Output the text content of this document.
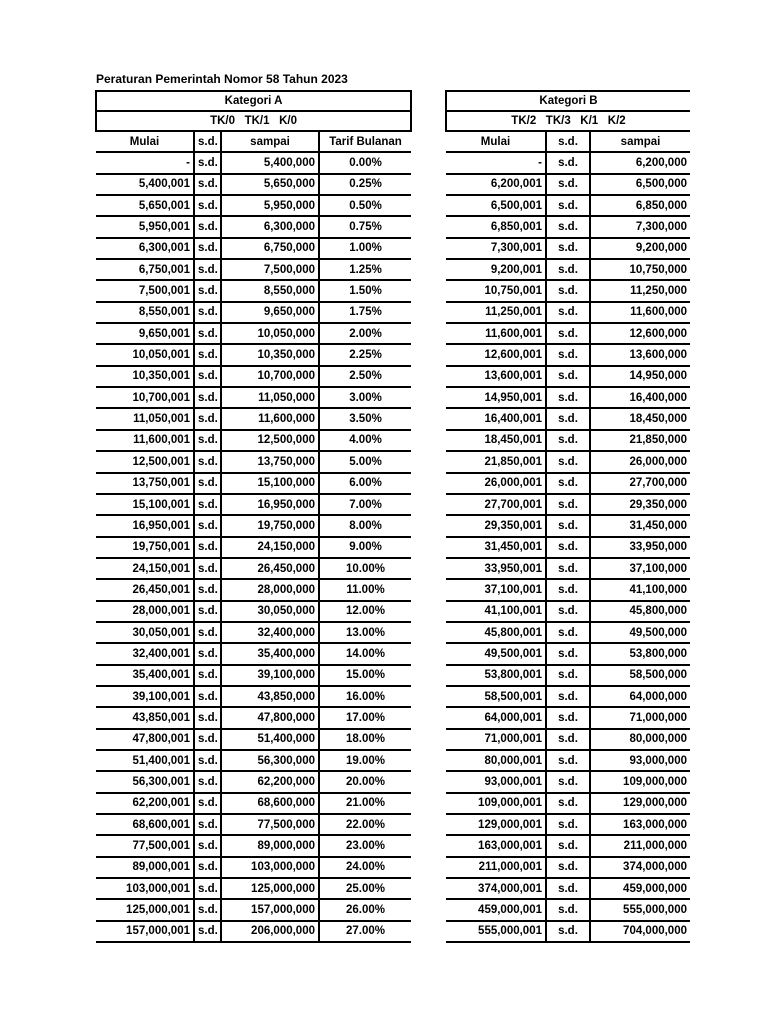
Peraturan Pemerintah Nomor 58 Tahun 2023
Kategori A			
TK/0   TK/1   K/0			
Mulai	s.d.	sampai	Tarif Bulanan
-	s.d.	5,400,000	0.00%
5,400,001	s.d.	5,650,000	0.25%
5,650,001	s.d.	5,950,000	0.50%
5,950,001	s.d.	6,300,000	0.75%
6,300,001	s.d.	6,750,000	1.00%
6,750,001	s.d.	7,500,000	1.25%
7,500,001	s.d.	8,550,000	1.50%
8,550,001	s.d.	9,650,000	1.75%
9,650,001	s.d.	10,050,000	2.00%
10,050,001	s.d.	10,350,000	2.25%
10,350,001	s.d.	10,700,000	2.50%
10,700,001	s.d.	11,050,000	3.00%
11,050,001	s.d.	11,600,000	3.50%
11,600,001	s.d.	12,500,000	4.00%
12,500,001	s.d.	13,750,000	5.00%
13,750,001	s.d.	15,100,000	6.00%
15,100,001	s.d.	16,950,000	7.00%
16,950,001	s.d.	19,750,000	8.00%
19,750,001	s.d.	24,150,000	9.00%
24,150,001	s.d.	26,450,000	10.00%
26,450,001	s.d.	28,000,000	11.00%
28,000,001	s.d.	30,050,000	12.00%
30,050,001	s.d.	32,400,000	13.00%
32,400,001	s.d.	35,400,000	14.00%
35,400,001	s.d.	39,100,000	15.00%
39,100,001	s.d.	43,850,000	16.00%
43,850,001	s.d.	47,800,000	17.00%
47,800,001	s.d.	51,400,000	18.00%
51,400,001	s.d.	56,300,000	19.00%
56,300,001	s.d.	62,200,000	20.00%
62,200,001	s.d.	68,600,000	21.00%
68,600,001	s.d.	77,500,000	22.00%
77,500,001	s.d.	89,000,000	23.00%
89,000,001	s.d.	103,000,000	24.00%
103,000,001	s.d.	125,000,000	25.00%
125,000,001	s.d.	157,000,000	26.00%
157,000,001	s.d.	206,000,000	27.00%
Kategori B		
TK/2   TK/3   K/1   K/2		
Mulai	s.d.	sampai
-	s.d.	6,200,000
6,200,001	s.d.	6,500,000
6,500,001	s.d.	6,850,000
6,850,001	s.d.	7,300,000
7,300,001	s.d.	9,200,000
9,200,001	s.d.	10,750,000
10,750,001	s.d.	11,250,000
11,250,001	s.d.	11,600,000
11,600,001	s.d.	12,600,000
12,600,001	s.d.	13,600,000
13,600,001	s.d.	14,950,000
14,950,001	s.d.	16,400,000
16,400,001	s.d.	18,450,000
18,450,001	s.d.	21,850,000
21,850,001	s.d.	26,000,000
26,000,001	s.d.	27,700,000
27,700,001	s.d.	29,350,000
29,350,001	s.d.	31,450,000
31,450,001	s.d.	33,950,000
33,950,001	s.d.	37,100,000
37,100,001	s.d.	41,100,000
41,100,001	s.d.	45,800,000
45,800,001	s.d.	49,500,000
49,500,001	s.d.	53,800,000
53,800,001	s.d.	58,500,000
58,500,001	s.d.	64,000,000
64,000,001	s.d.	71,000,000
71,000,001	s.d.	80,000,000
80,000,001	s.d.	93,000,000
93,000,001	s.d.	109,000,000
109,000,001	s.d.	129,000,000
129,000,001	s.d.	163,000,000
163,000,001	s.d.	211,000,000
211,000,001	s.d.	374,000,000
374,000,001	s.d.	459,000,000
459,000,001	s.d.	555,000,000
555,000,001	s.d.	704,000,000
